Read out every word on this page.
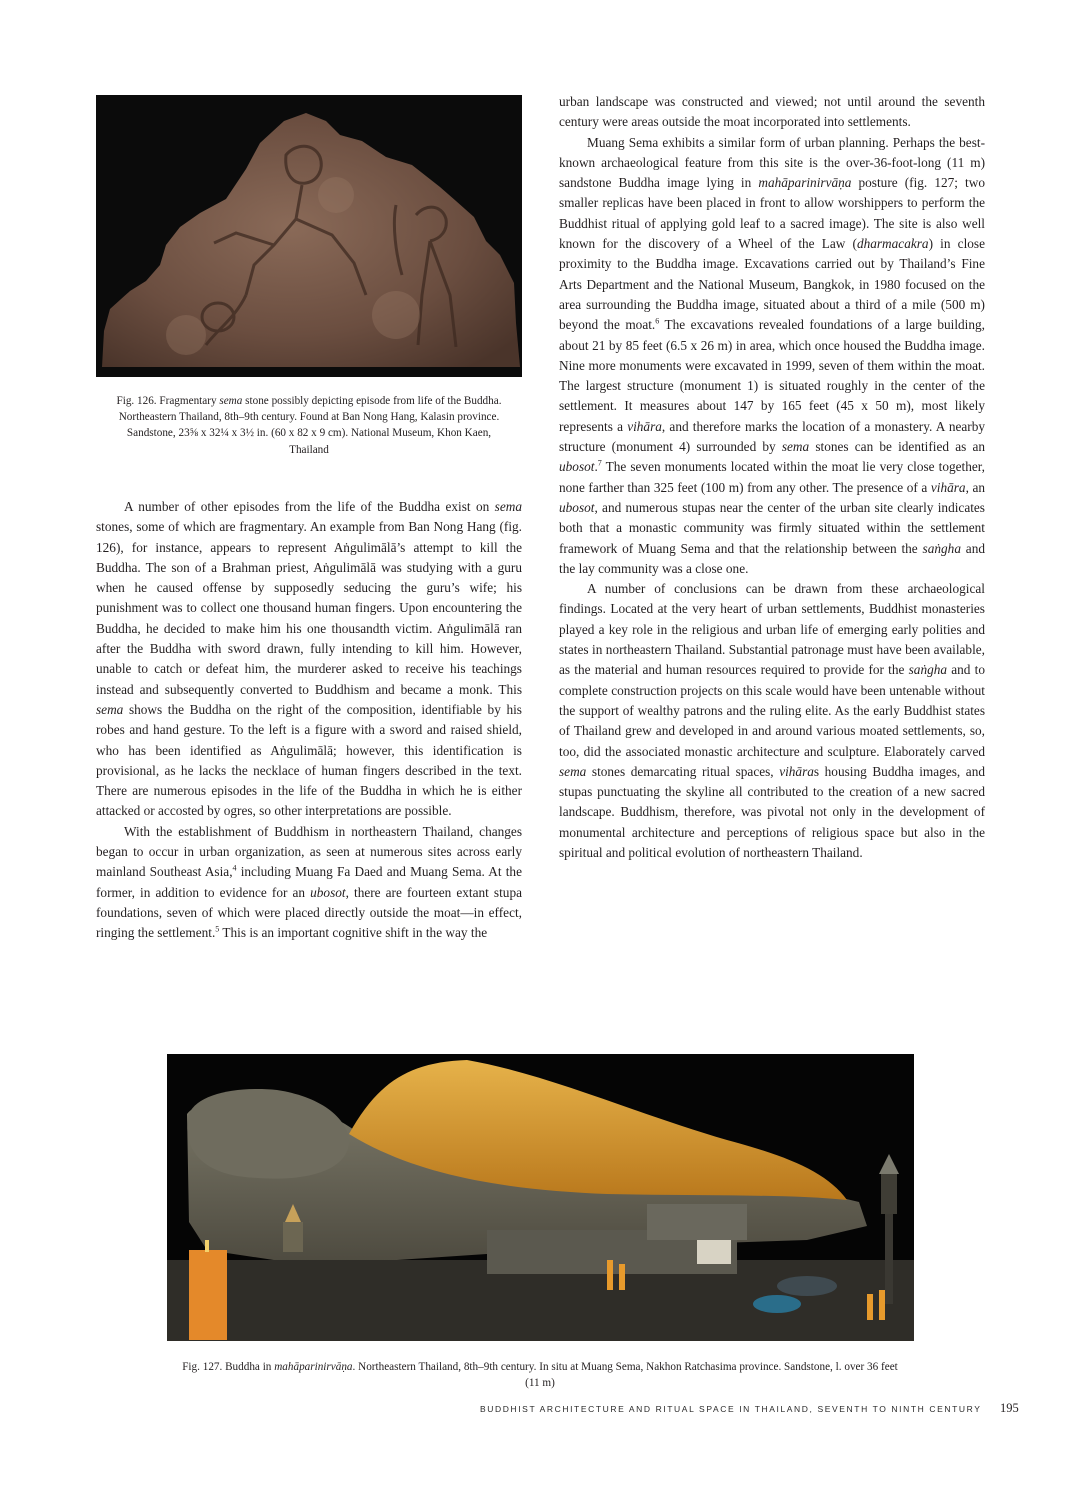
Fig. 126. Fragmentary sema stone possibly depicting episode from life of the Buddha. Northeastern Thailand, 8th–9th century. Found at Ban Nong Hang, Kalasin province. Sandstone, 23⅝ x 32¼ x 3½ in. (60 x 82 x 9 cm). National Museum, Khon Kaen, Thailand

A number of other episodes from the life of the Buddha exist on sema stones, some of which are fragmentary. An example from Ban Nong Hang (fig. 126), for instance, appears to represent Aṅgulimālā’s attempt to kill the Buddha. The son of a Brahman priest, Aṅgulimālā was studying with a guru when he caused offense by supposedly seducing the guru’s wife; his punishment was to collect one thousand human fingers. Upon encountering the Buddha, he decided to make him his one thousandth victim. Aṅgulimālā ran after the Buddha with sword drawn, fully intending to kill him. However, unable to catch or defeat him, the murderer asked to receive his teachings instead and subsequently converted to Buddhism and became a monk. This sema shows the Buddha on the right of the composition, identifiable by his robes and hand gesture. To the left is a figure with a sword and raised shield, who has been identified as Aṅgulimālā; however, this identification is provisional, as he lacks the necklace of human fingers described in the text. There are numerous episodes in the life of the Buddha in which he is either attacked or accosted by ogres, so other interpretations are possible.

With the establishment of Buddhism in northeastern Thailand, changes began to occur in urban organization, as seen at numerous sites across early mainland Southeast Asia,$^4$ including Muang Fa Daed and Muang Sema. At the former, in addition to evidence for an ubosot, there are fourteen extant stupa foundations, seven of which were placed directly outside the moat—in effect, ringing the settlement.$^5$ This is an important cognitive shift in the way the

urban landscape was constructed and viewed; not until around the seventh century were areas outside the moat incorporated into settlements.

Muang Sema exhibits a similar form of urban planning. Perhaps the best-known archaeological feature from this site is the over-36-foot-long (11 m) sandstone Buddha image lying in mahāparinirvāṇa posture (fig. 127; two smaller replicas have been placed in front to allow worshippers to perform the Buddhist ritual of applying gold leaf to a sacred image). The site is also well known for the discovery of a Wheel of the Law (dharmacakra) in close proximity to the Buddha image. Excavations carried out by Thailand’s Fine Arts Department and the National Museum, Bangkok, in 1980 focused on the area surrounding the Buddha image, situated about a third of a mile (500 m) beyond the moat.$^6$ The excavations revealed foundations of a large building, about 21 by 85 feet (6.5 x 26 m) in area, which once housed the Buddha image. Nine more monuments were excavated in 1999, seven of them within the moat. The largest structure (monument 1) is situated roughly in the center of the settlement. It measures about 147 by 165 feet (45 x 50 m), most likely represents a vihāra, and therefore marks the location of a monastery. A nearby structure (monument 4) surrounded by sema stones can be identified as an ubosot.$^7$ The seven monuments located within the moat lie very close together, none farther than 325 feet (100 m) from any other. The presence of a vihāra, an ubosot, and numerous stupas near the center of the urban site clearly indicates both that a monastic community was firmly situated within the settlement framework of Muang Sema and that the relationship between the saṅgha and the lay community was a close one.

A number of conclusions can be drawn from these archaeological findings. Located at the very heart of urban settlements, Buddhist monasteries played a key role in the religious and urban life of emerging early polities and states in northeastern Thailand. Substantial patronage must have been available, as the material and human resources required to provide for the saṅgha and to complete construction projects on this scale would have been untenable without the support of wealthy patrons and the ruling elite. As the early Buddhist states of Thailand grew and developed in and around various moated settlements, so, too, did the associated monastic architecture and sculpture. Elaborately carved sema stones demarcating ritual spaces, vihāras housing Buddha images, and stupas punctuating the skyline all contributed to the creation of a new sacred landscape. Buddhism, therefore, was pivotal not only in the development of monumental architecture and perceptions of religious space but also in the spiritual and political evolution of northeastern Thailand.

Fig. 127. Buddha in mahāparinirvāṇa. Northeastern Thailand, 8th–9th century. In situ at Muang Sema, Nakhon Ratchasima province. Sandstone, l. over 36 feet (11 m)
BUDDHIST ARCHITECTURE AND RITUAL SPACE IN THAILAND, SEVENTH TO NINTH CENTURY 195
